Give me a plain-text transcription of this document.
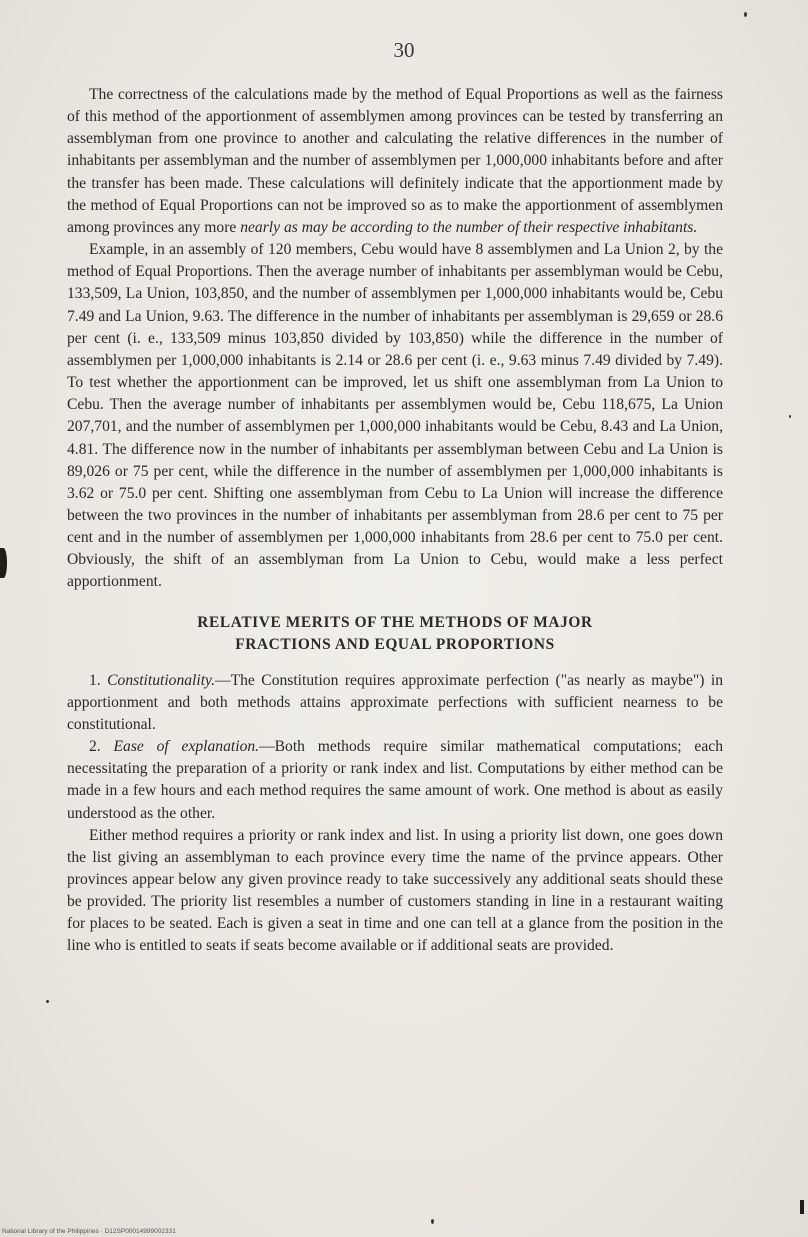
30

The correctness of the calculations made by the method of Equal Proportions as well as the fairness of this method of the apportionment of assemblymen among provinces can be tested by transferring an assemblyman from one province to another and calculating the relative differences in the number of inhabitants per assemblyman and the number of assemblymen per 1,000,000 inhabitants before and after the transfer has been made. These calculations will definitely indicate that the apportionment made by the method of Equal Proportions can not be improved so as to make the apportionment of assemblymen among provinces any more nearly as may be according to the number of their respective inhabitants.

Example, in an assembly of 120 members, Cebu would have 8 assemblymen and La Union 2, by the method of Equal Proportions. Then the average number of inhabitants per assemblyman would be Cebu, 133,509, La Union, 103,850, and the number of assemblymen per 1,000,000 inhabitants would be, Cebu 7.49 and La Union, 9.63. The difference in the number of inhabitants per assemblyman is 29,659 or 28.6 per cent (i. e., 133,509 minus 103,850 divided by 103,850) while the difference in the number of assemblymen per 1,000,000 inhabitants is 2.14 or 28.6 per cent (i. e., 9.63 minus 7.49 divided by 7.49). To test whether the apportionment can be improved, let us shift one assemblyman from La Union to Cebu. Then the average number of inhabitants per assemblymen would be, Cebu 118,675, La Union 207,701, and the number of assemblymen per 1,000,000 inhabitants would be Cebu, 8.43 and La Union, 4.81. The difference now in the number of inhabitants per assemblyman between Cebu and La Union is 89,026 or 75 per cent, while the difference in the number of assemblymen per 1,000,000 inhabitants is 3.62 or 75.0 per cent. Shifting one assemblyman from Cebu to La Union will increase the difference between the two provinces in the number of inhabitants per assemblyman from 28.6 per cent to 75 per cent and in the number of assemblymen per 1,000,000 inhabitants from 28.6 per cent to 75.0 per cent. Obviously, the shift of an assemblyman from La Union to Cebu, would make a less perfect apportionment.

RELATIVE MERITS OF THE METHODS OF MAJOR
FRACTIONS AND EQUAL PROPORTIONS

1. Constitutionality.—The Constitution requires approximate perfection ("as nearly as maybe") in apportionment and both methods attains approximate perfections with sufficient nearness to be constitutional.

2. Ease of explanation.—Both methods require similar mathematical computations; each necessitating the preparation of a priority or rank index and list. Computations by either method can be made in a few hours and each method requires the same amount of work. One method is about as easily understood as the other.

Either method requires a priority or rank index and list. In using a priority list down, one goes down the list giving an assemblyman to each province every time the name of the prvince appears. Other provinces appear below any given province ready to take successively any additional seats should these be provided. The priority list resembles a number of customers standing in line in a restaurant waiting for places to be seated. Each is given a seat in time and one can tell at a glance from the position in the line who is entitled to seats if seats become available or if additional seats are provided.

National Library of the Philippines · D12SP00014999002331
